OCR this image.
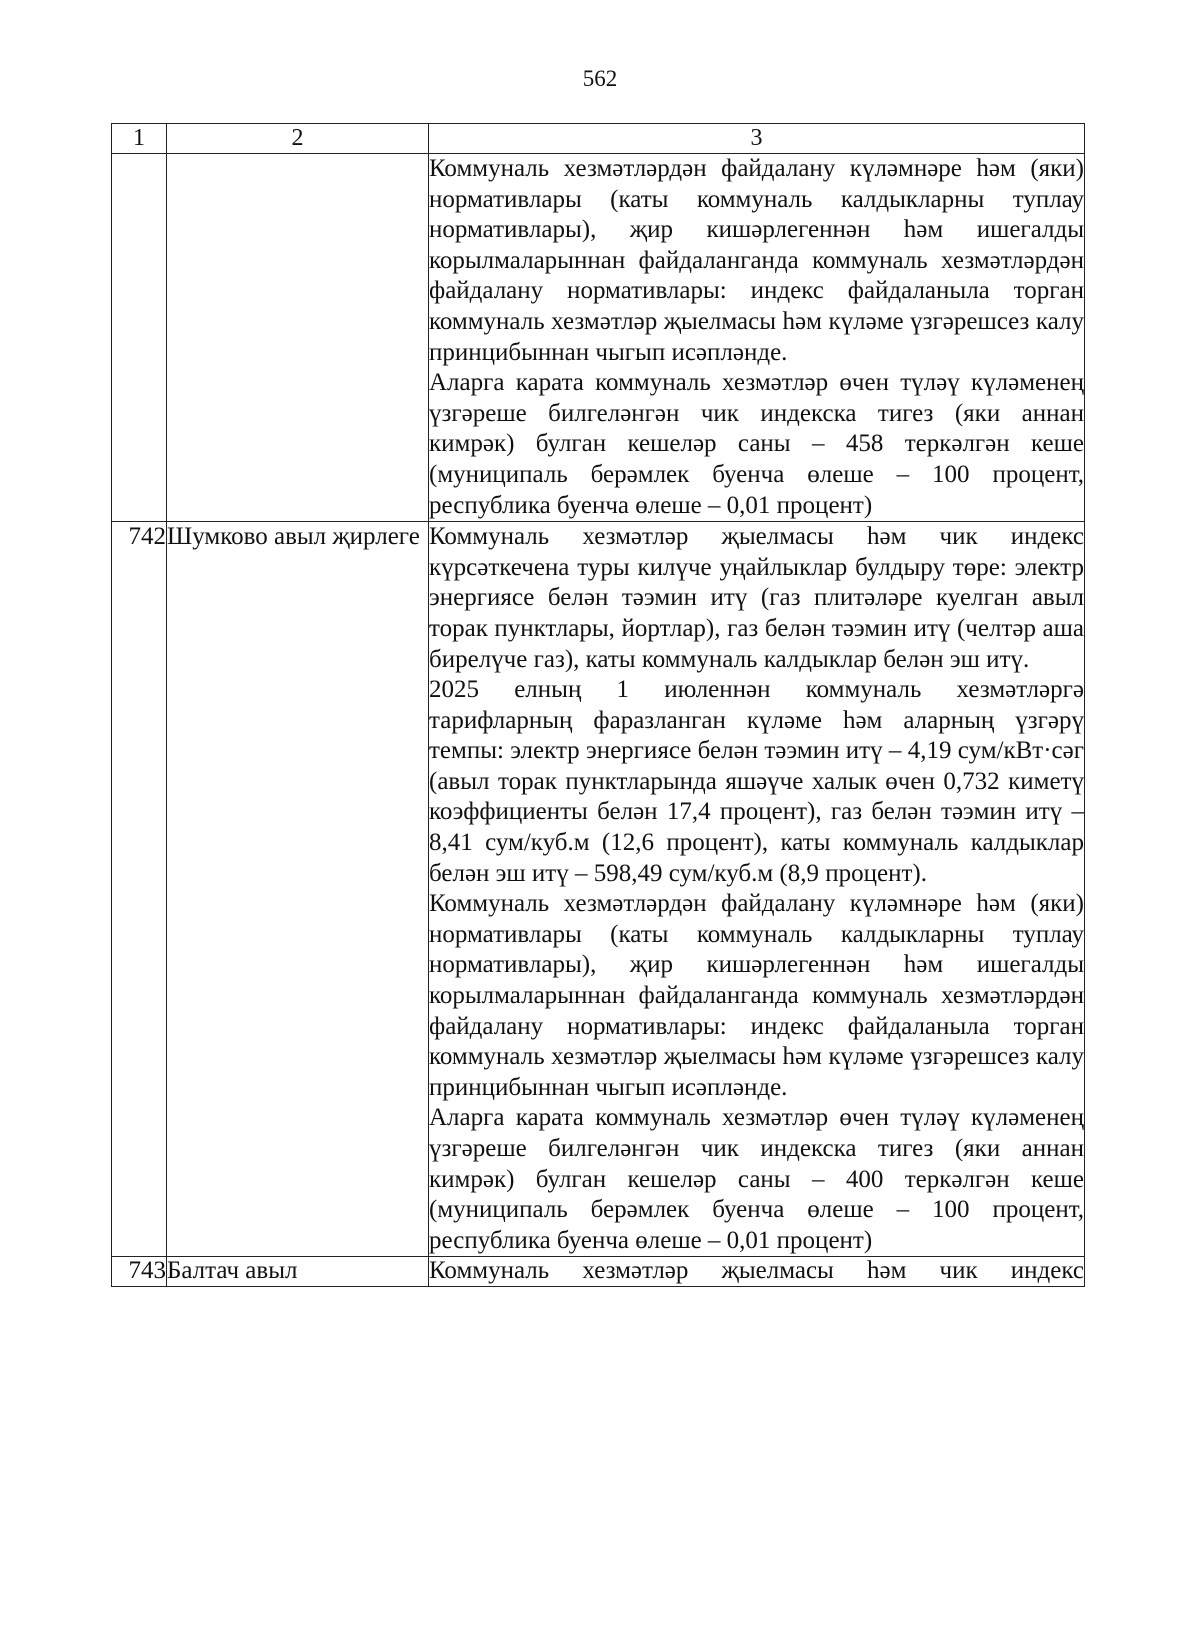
562
1	2	3

		Коммуналь хезмәтләрдән файдалану күләмнәре һәм (яки) нормативлары (каты коммуналь калдыкларны туплау нормативлары), җир кишәрлегеннән һәм ишегалды корылмаларыннан файдаланганда коммуналь хезмәтләрдән файдалану нормативлары: индекс файдаланыла торган коммуналь хезмәтләр җыелмасы һәм күләме үзгәрешсез калу принцибыннан чыгып исәпләнде.

Аларга карата коммуналь хезмәтләр өчен түләү күләменең үзгәреше билгеләнгән чик индекска тигез (яки аннан кимрәк) булган кешеләр саны – 458 теркәлгән кеше (муниципаль берәмлек буенча өлеше – 100 процент, республика буенча өлеше – 0,01 процент)

742	Шумково авыл җирлеге	Коммуналь хезмәтләр җыелмасы һәм чик индекс күрсәткечена туры килүче уңайлыклар булдыру төре: электр энергиясе белән тәэмин итү (газ плитәләре куелган авыл торак пунктлары, йортлар), газ белән тәэмин итү (челтәр аша бирелүче газ), каты коммуналь калдыклар белән эш итү.

2025 елның 1 июленнән коммуналь хезмәтләргә тарифларның фаразланган күләме һәм аларның үзгәрү темпы: электр энергиясе белән тәэмин итү – 4,19 сум/кВт·сәг (авыл торак пунктларында яшәүче халык өчен 0,732 киметү коэффициенты белән 17,4 процент), газ белән тәэмин итү – 8,41 сум/куб.м (12,6 процент), каты коммуналь калдыклар белән эш итү – 598,49 сум/куб.м (8,9 процент).

Коммуналь хезмәтләрдән файдалану күләмнәре һәм (яки) нормативлары (каты коммуналь калдыкларны туплау нормативлары), җир кишәрлегеннән һәм ишегалды корылмаларыннан файдаланганда коммуналь хезмәтләрдән файдалану нормативлары: индекс файдаланыла торган коммуналь хезмәтләр җыелмасы һәм күләме үзгәрешсез калу принцибыннан чыгып исәпләнде.

Аларга карата коммуналь хезмәтләр өчен түләү күләменең үзгәреше билгеләнгән чик индекска тигез (яки аннан кимрәк) булган кешеләр саны – 400 теркәлгән кеше (муниципаль берәмлек буенча өлеше – 100 процент, республика буенча өлеше – 0,01 процент)

743	Балтач авыл	Коммуналь хезмәтләр җыелмасы һәм чик индекс
